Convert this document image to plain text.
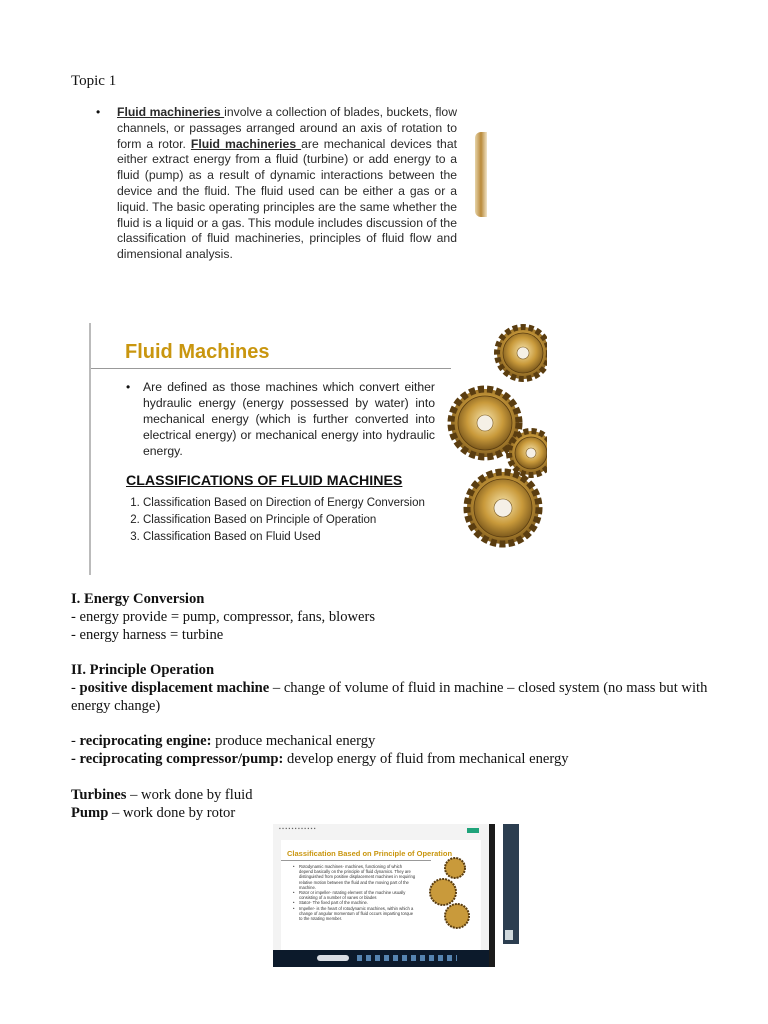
Topic 1
• Fluid machineries involve a collection of blades, buckets, flow channels, or passages arranged around an axis of rotation to form a rotor. Fluid machineries are mechanical devices that either extract energy from a fluid (turbine) or add energy to a fluid (pump) as a result of dynamic interactions between the device and the fluid. The fluid used can be either a gas or a liquid. The basic operating principles are the same whether the fluid is a liquid or a gas. This module includes discussion of the classification of fluid machineries, principles of fluid flow and dimensional analysis.
Fluid Machines
• Are defined as those machines which convert either hydraulic energy (energy possessed by water) into mechanical energy (which is further converted into electrical energy) or mechanical energy into hydraulic energy.
CLASSIFICATIONS OF FLUID MACHINES
1. Classification Based on Direction of Energy Conversion
2. Classification Based on Principle of Operation
3. Classification Based on Fluid Used

I. Energy Conversion

- energy provide = pump, compressor, fans, blowers

- energy harness = turbine

II. Principle Operation

- positive displacement machine – change of volume of fluid in machine – closed system (no mass but with energy change)

- reciprocating engine: produce mechanical energy

- reciprocating compressor/pump: develop energy of fluid from mechanical energy

Turbines – work done by fluid

Pump – work done by rotor

▪ ▪ ▪ ▪ ▪ ▪ ▪ ▪ ▪ ▪ ▪ ▪
Classification Based on Principle of Operation
• Rotodynamic machines- machines, functioning of which depend basically on the principle of fluid dynamics. They are distinguished from positive displacement machines in requiring relative motion between the fluid and the moving part of the machine.
• Rotor or impeller- rotating element of the machine usually consisting of a number of vanes or blades
• Stator- The fixed part of the machine.
• Impeller- is the heart of rotodynamic machines, within which a change of angular momentum of fluid occurs imparting torque to the rotating member.
